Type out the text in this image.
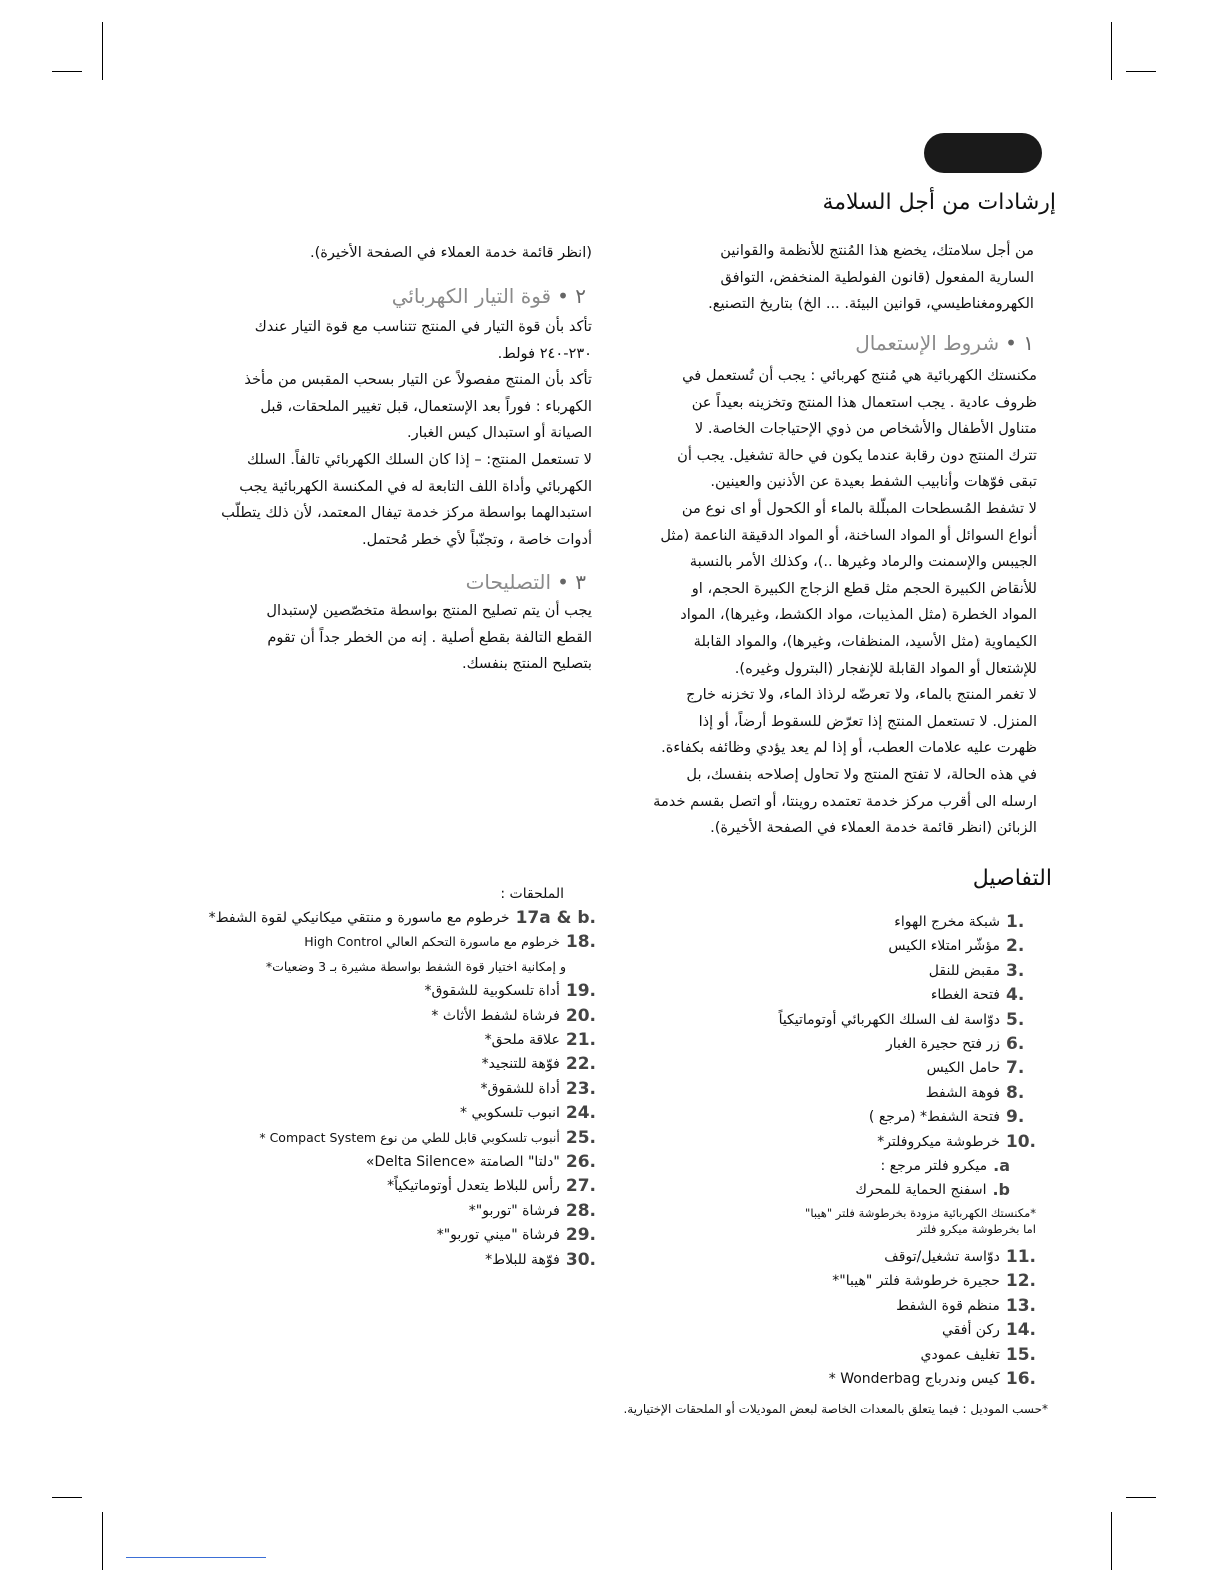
إرشادات من أجل السلامة

من أجل سلامتك، يخضع هذا المُنتج للأنظمة والقوانين

السارية المفعول (قانون الفولطية المنخفض، التوافق

الكهرومغناطيسي، قوانين البيئة. ... الخ) بتاريخ التصنيع.

١ •
شروط الإستعمال

مكنستك الكهربائية هي مُنتج كهربائي : يجب أن تُستعمل في

ظروف عادية . يجب استعمال هذا المنتج وتخزينه بعيداً عن

متناول الأطفال والأشخاص من ذوي الإحتياجات الخاصة. لا

تترك المنتج دون رقابة عندما يكون في حالة تشغيل. يجب أن

تبقى فوّهات وأنابيب الشفط بعيدة عن الأذنين والعينين.

لا تشفط المُسطحات المبلّلة بالماء أو الكحول أو اى نوع من

أنواع السوائل أو المواد الساخنة، أو المواد الدقيقة الناعمة (مثل

الجيبس والإسمنت والرماد وغيرها ..)، وكذلك الأمر بالنسبة

للأنقاض الكبيرة الحجم مثل قطع الزجاج الكبيرة الحجم، او

المواد الخطرة (مثل المذيبات، مواد الكشط، وغيرها)، المواد

الكيماوية (مثل الأسيد، المنظفات، وغيرها)، والمواد القابلة

للإشتعال أو المواد القابلة للإنفجار (البترول وغيره).

لا تغمر المنتج بالماء، ولا تعرضّه لرذاذ الماء، ولا تخزنه خارج

المنزل. لا تستعمل المنتج إذا تعرّض للسقوط أرضاً، أو إذا

ظهرت عليه علامات العطب، أو إذا لم يعد يؤدي وظائفه بكفاءة.

في هذه الحالة، لا تفتح المنتج ولا تحاول إصلاحه بنفسك، بل

ارسله الى أقرب مركز خدمة تعتمده روينتا، أو اتصل بقسم خدمة

الزبائن (انظر قائمة خدمة العملاء في الصفحة الأخيرة).

(انظر قائمة خدمة العملاء في الصفحة الأخيرة).

٢ •
قوة التيار الكهربائي

تأكد بأن قوة التيار في المنتج تتناسب مع قوة التيار عندك

٢٣٠-٢٤٠ فولط.

تأكد بأن المنتج مفصولاً عن التيار بسحب المقبس من مأخذ

الكهرباء : فوراً بعد الإستعمال، قبل تغيير الملحقات، قبل

الصيانة أو استبدال كيس الغبار.

لا تستعمل المنتج: – إذا كان السلك الكهربائي تالفاً. السلك

الكهربائي وأداة اللف التابعة له في المكنسة الكهربائية يجب

استبدالهما بواسطة مركز خدمة تيفال المعتمد، لأن ذلك يتطلّب

أدوات خاصة ، وتجنّباً لأي خطر مُحتمل.

٣ •
التصليحات

يجب أن يتم تصليح المنتج بواسطة متخصّصين لإستبدال

القطع التالفة بقطع أصلية . إنه من الخطر جداً أن تقوم

بتصليح المنتج بنفسك.

التفاصيل
1.
شبكة مخرج الهواء
2.
مؤشّر امتلاء الكيس
3.
مقبض للنقل
4.
فتحة الغطاء
5.
دوّاسة لف السلك الكهربائي أوتوماتيكياً
6.
زر فتح حجيرة الغبار
7.
حامل الكيس
8.
فوهة الشفط
9.
فتحة الشفط* (مرجع )
10.
خرطوشة ميكروفلتر*
a.
ميكرو فلتر مرجع :
b.
اسفنج الحماية للمحرك
*مكنستك الكهربائية مزودة بخرطوشة فلتر "هيبا"
اما بخرطوشة ميكرو فلتر
11.
دوّاسة تشغيل/توقف
12.
حجيرة خرطوشة فلتر "هيبا"*
13.
منظم قوة الشفط
14.
ركن أفقي
15.
تغليف عمودي
16.
كيس وندرباج Wonderbag *
الملحقات :
17a & b.
خرطوم مع ماسورة و منتقي ميكانيكي لقوة الشفط*
18.
خرطوم مع ماسورة التحكم العالي High Control
و إمكانية اختيار قوة الشفط بواسطة مشيرة بـ 3 وضعيات*
19.
أداة تلسكوبية للشقوق*
20.
فرشاة لشفط الأثاث *
21.
علاقة ملحق*
22.
فوّهة للتنجيد*
23.
أداة للشقوق*
24.
انبوب تلسكوبي *
25.
أنبوب تلسكوبي قابل للطي من نوع Compact System *
26.
"دلتا" الصامتة «Delta Silence»
27.
رأس للبلاط يتعدل أوتوماتيكياً*
28.
فرشاة "توربو"*
29.
فرشاة "ميني توربو"*
30.
فوّهة للبلاط*
*حسب الموديل : فيما يتعلق بالمعدات الخاصة لبعض الموديلات أو الملحقات الإختيارية.
